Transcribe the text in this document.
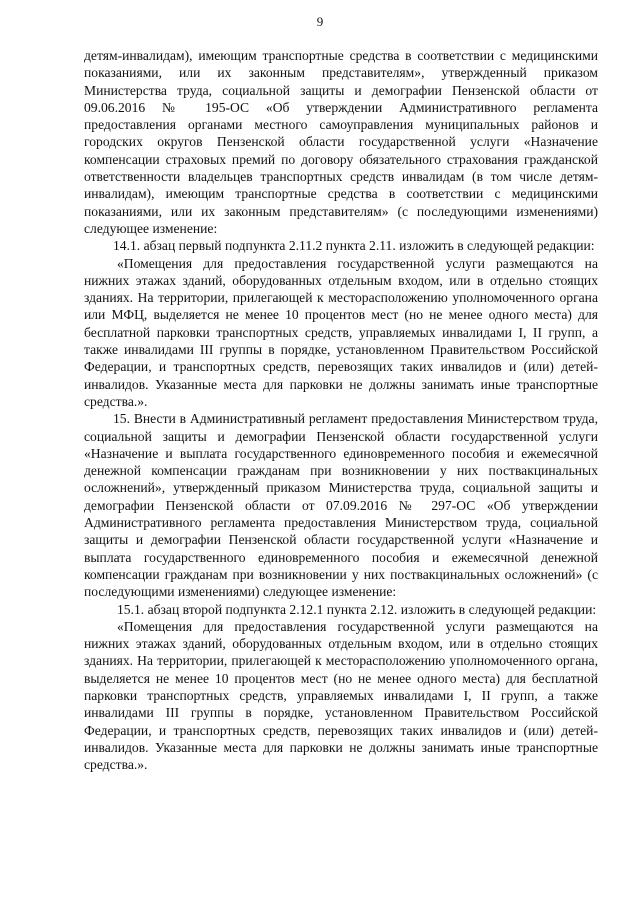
9

детям-инвалидам), имеющим транспортные средства в соответствии с медицинскими показаниями, или их законным представителям», утвержденный приказом Министерства труда, социальной защиты и демографии Пензенской области от 09.06.2016 № 195-ОС «Об утверждении Административного регламента предоставления органами местного самоуправления муниципальных районов и городских округов Пензенской области государственной услуги «Назначение компенсации страховых премий по договору обязательного страхования гражданской ответственности владельцев транспортных средств инвалидам (в том числе детям-инвалидам), имеющим транспортные средства в соответствии с медицинскими показаниями, или их законным представителям» (с последующими изменениями) следующее изменение:

14.1. абзац первый подпункта 2.11.2 пункта 2.11. изложить в следующей редакции:

«Помещения для предоставления государственной услуги размещаются на нижних этажах зданий, оборудованных отдельным входом, или в отдельно стоящих зданиях. На территории, прилегающей к месторасположению уполномоченного органа или МФЦ, выделяется не менее 10 процентов мест (но не менее одного места) для бесплатной парковки транспортных средств, управляемых инвалидами I, II групп, а также инвалидами III группы в порядке, установленном Правительством Российской Федерации, и транспортных средств, перевозящих таких инвалидов и (или) детей-инвалидов. Указанные места для парковки не должны занимать иные транспортные средства.».

15. Внести в Административный регламент предоставления Министерством труда, социальной защиты и демографии Пензенской области государственной услуги «Назначение и выплата государственного единовременного пособия и ежемесячной денежной компенсации гражданам при возникновении у них поствакцинальных осложнений», утвержденный приказом Министерства труда, социальной защиты и демографии Пензенской области от 07.09.2016 № 297-ОС «Об утверждении Административного регламента предоставления Министерством труда, социальной защиты и демографии Пензенской области государственной услуги «Назначение и выплата государственного единовременного пособия и ежемесячной денежной компенсации гражданам при возникновении у них поствакцинальных осложнений» (с последующими изменениями) следующее изменение:

15.1. абзац второй подпункта 2.12.1 пункта 2.12. изложить в следующей редакции:

«Помещения для предоставления государственной услуги размещаются на нижних этажах зданий, оборудованных отдельным входом, или в отдельно стоящих зданиях. На территории, прилегающей к месторасположению уполномоченного органа, выделяется не менее 10 процентов мест (но не менее одного места) для бесплатной парковки транспортных средств, управляемых инвалидами I, II групп, а также инвалидами III группы в порядке, установленном Правительством Российской Федерации, и транспортных средств, перевозящих таких инвалидов и (или) детей-инвалидов. Указанные места для парковки не должны занимать иные транспортные средства.».
